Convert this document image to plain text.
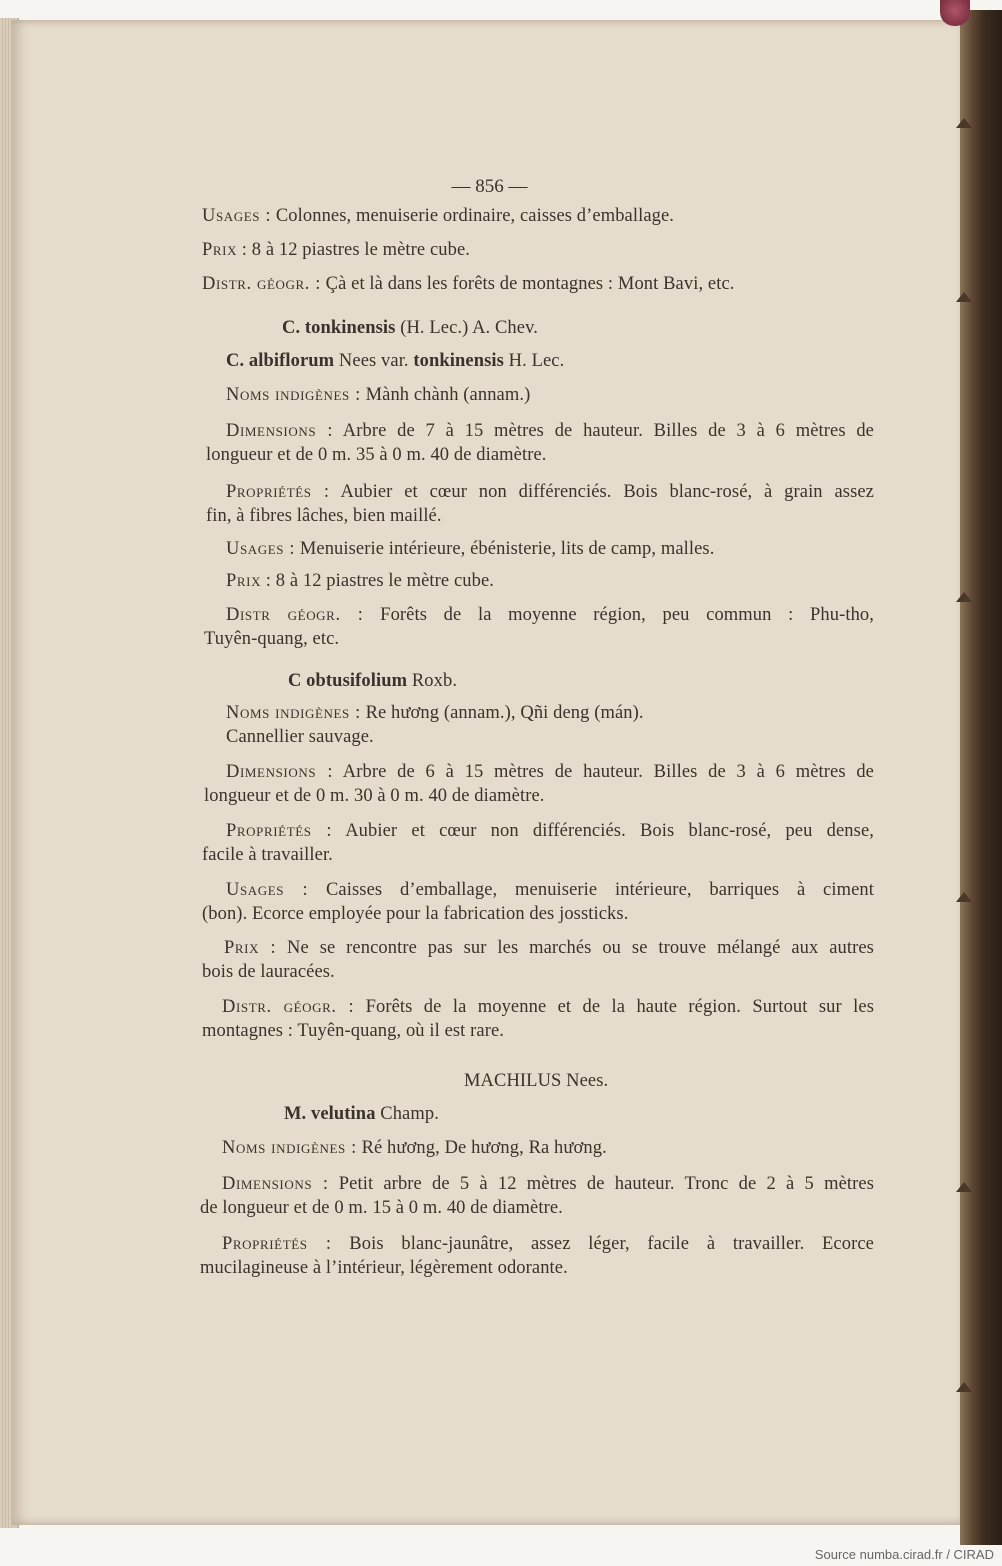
— 856 —
Usages : Colonnes, menuiserie ordinaire, caisses d’emballage.
Prix : 8 à 12 piastres le mètre cube.
Distr. géogr. : Çà et là dans les forêts de montagnes : Mont Bavi, etc.
C. tonkinensis (H. Lec.) A. Chev.
C. albiflorum Nees var. tonkinensis H. Lec.
Noms indigènes : Mành chành (annam.)
Dimensions : Arbre de 7 à 15 mètres de hauteur. Billes de 3 à 6 mètres de
longueur et de 0 m. 35 à 0 m. 40 de diamètre.
Propriétés : Aubier et cœur non différenciés. Bois blanc-rosé, à grain assez
fin, à fibres lâches, bien maillé.
Usages : Menuiserie intérieure, ébénisterie, lits de camp, malles.
Prix : 8 à 12 piastres le mètre cube.
Distr géogr. : Forêts de la moyenne région, peu commun : Phu-tho,
Tuyên-quang, etc.
C obtusifolium Roxb.
Noms indigènes : Re hương (annam.), Qñi deng (mán).
Cannellier sauvage.
Dimensions : Arbre de 6 à 15 mètres de hauteur. Billes de 3 à 6 mètres de
longueur et de 0 m. 30 à 0 m. 40 de diamètre.
Propriétés : Aubier et cœur non différenciés. Bois blanc-rosé, peu dense,
facile à travailler.
Usages : Caisses d’emballage, menuiserie intérieure, barriques à ciment
(bon). Ecorce employée pour la fabrication des jossticks.
Prix : Ne se rencontre pas sur les marchés ou se trouve mélangé aux autres
bois de lauracées.
Distr. géogr. : Forêts de la moyenne et de la haute région. Surtout sur les
montagnes : Tuyên-quang, où il est rare.
MACHILUS Nees.
M. velutina Champ.
Noms indigènes : Ré hương, De hương, Ra hương.
Dimensions : Petit arbre de 5 à 12 mètres de hauteur. Tronc de 2 à 5 mètres
de longueur et de 0 m. 15 à 0 m. 40 de diamètre.
Propriétés : Bois blanc-jaunâtre, assez léger, facile à travailler. Ecorce
mucilagineuse à l’intérieur, légèrement odorante.
Source numba.cirad.fr / CIRAD
